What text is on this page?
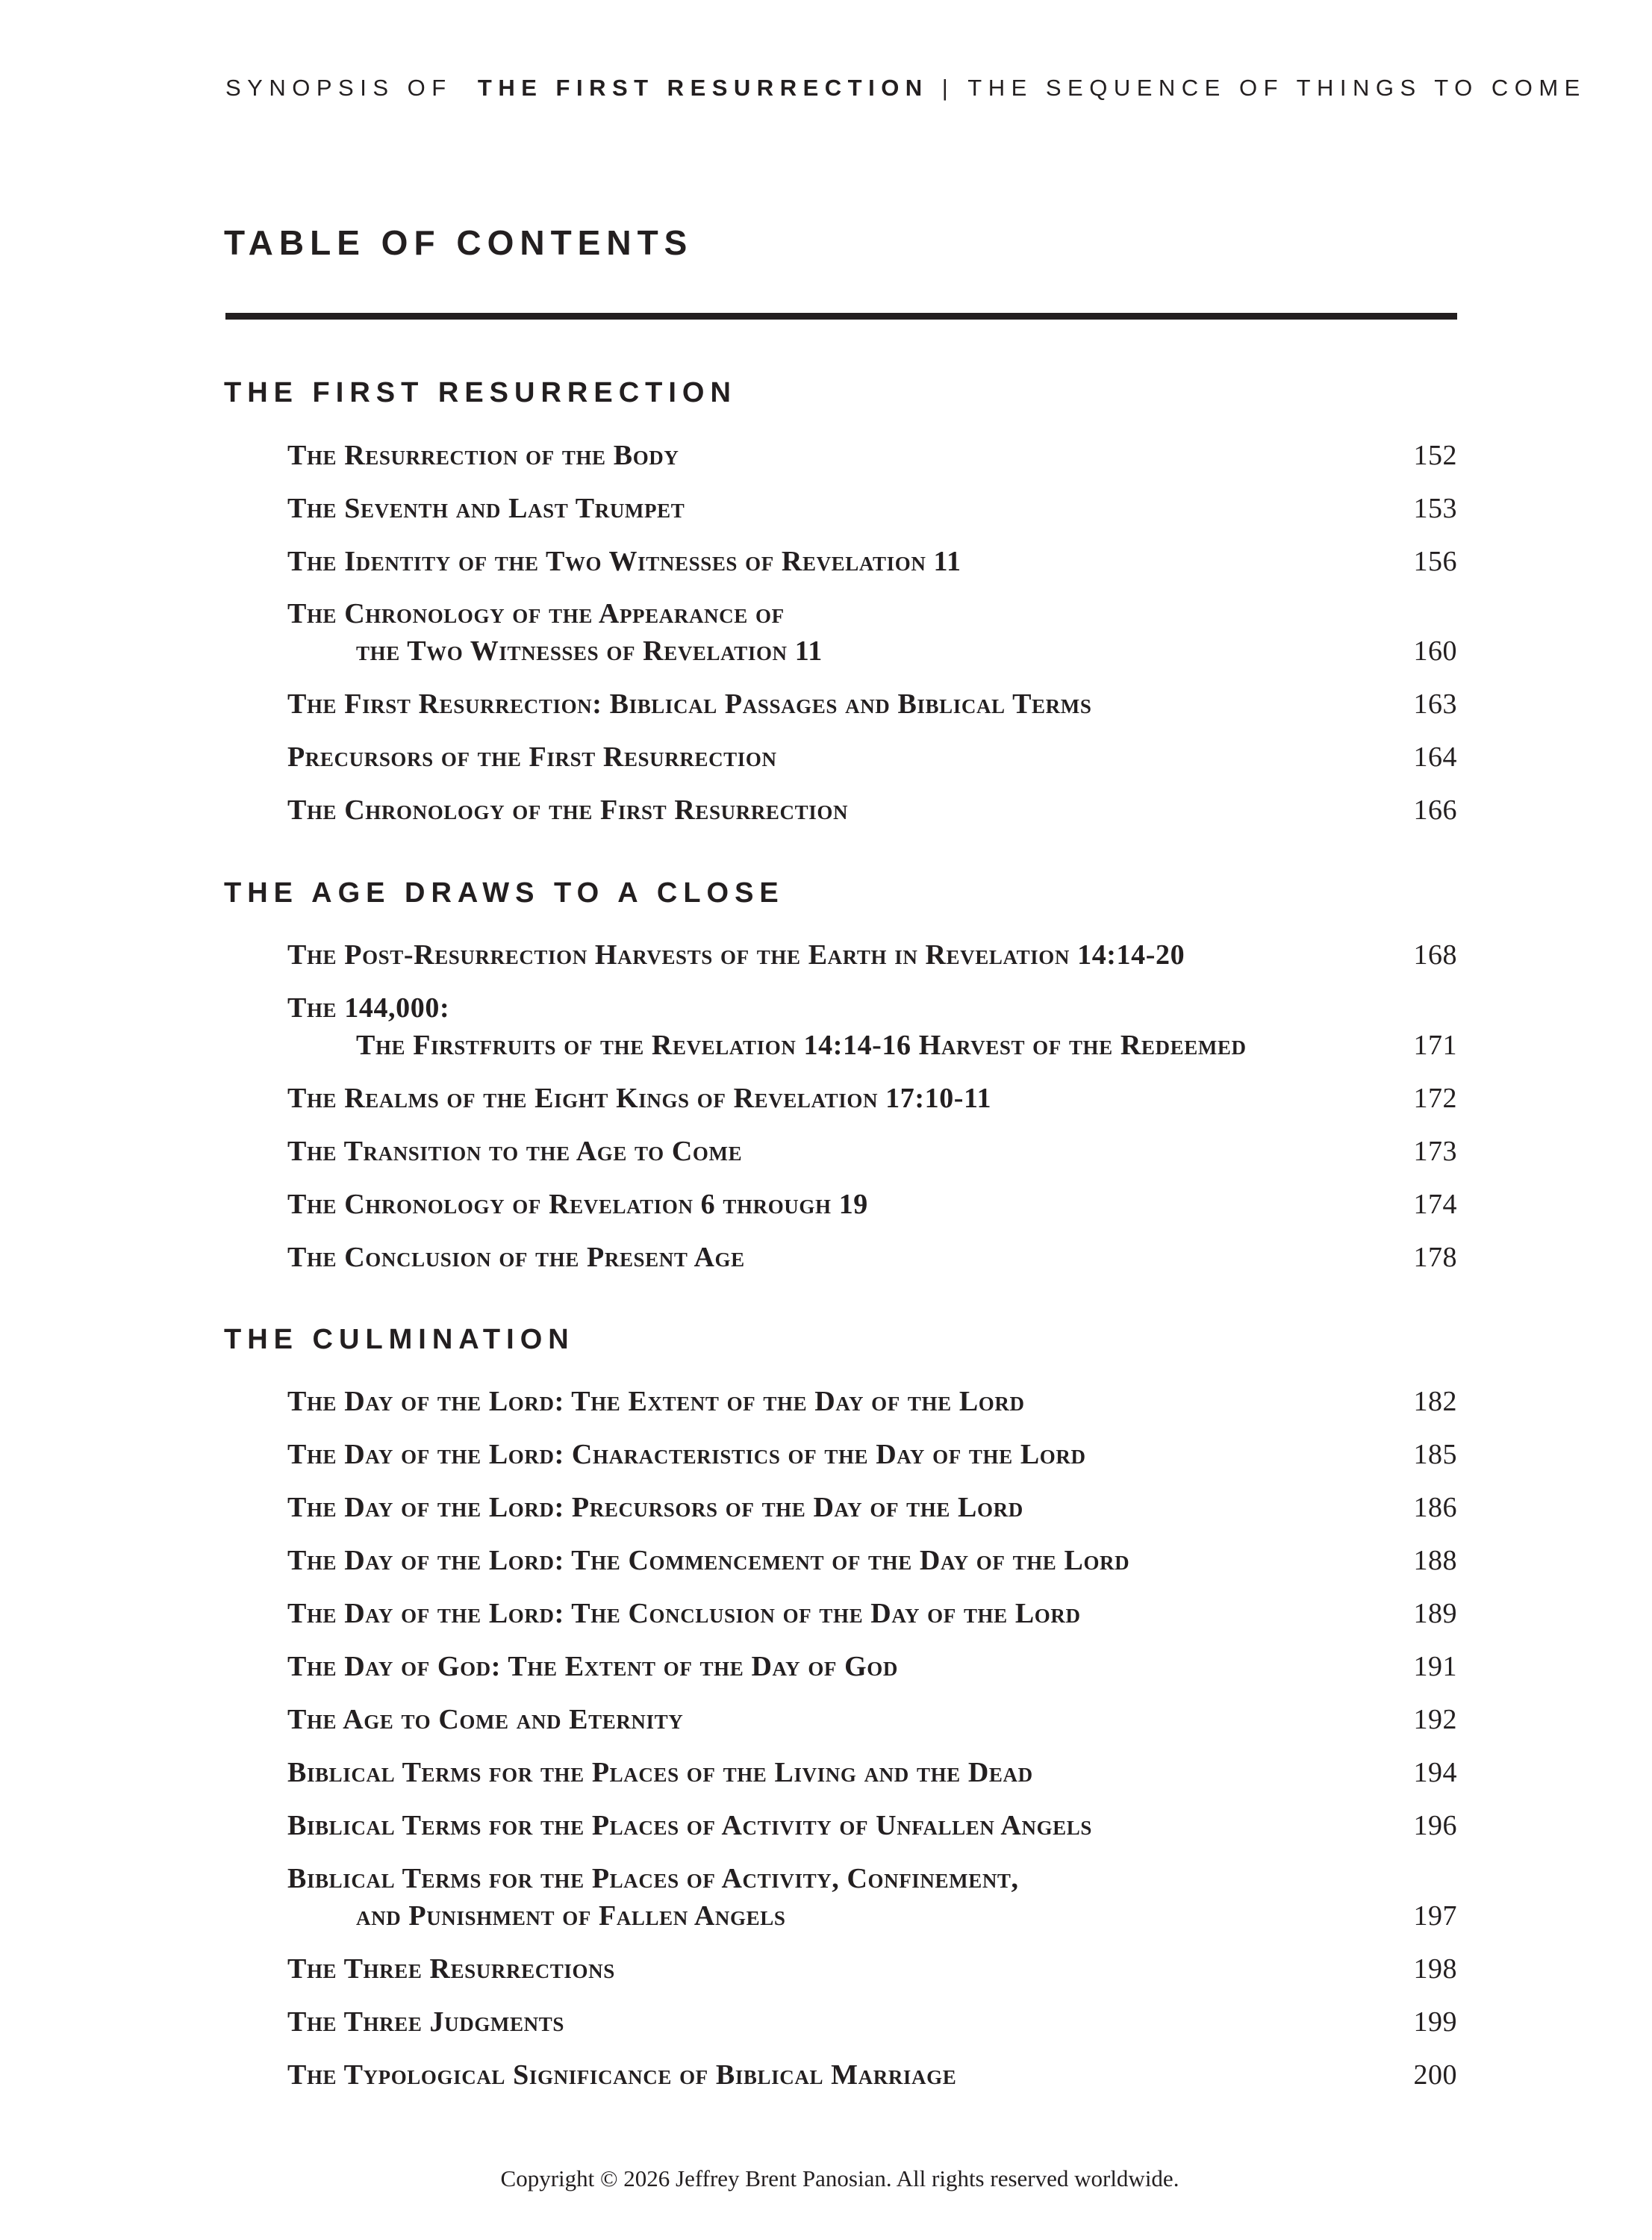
SYNOPSIS OF THE FIRST RESURRECTION | THE SEQUENCE OF THINGS TO COME
TABLE OF CONTENTS
THE FIRST RESURRECTION
The Resurrection of the Body	152
The Seventh and Last Trumpet	153
The Identity of the Two Witnesses of Revelation 11	156
The Chronology of the Appearance of
the Two Witnesses of Revelation 11	160
The First Resurrection: Biblical Passages and Biblical Terms	163
Precursors of the First Resurrection	164
The Chronology of the First Resurrection	166
THE AGE DRAWS TO A CLOSE
The Post-Resurrection Harvests of the Earth in Revelation 14:14-20	168
The 144,000:
The Firstfruits of the Revelation 14:14-16 Harvest of the Redeemed	171
The Realms of the Eight Kings of Revelation 17:10-11	172
The Transition to the Age to Come	173
The Chronology of Revelation 6 through 19	174
The Conclusion of the Present Age	178
THE CULMINATION
The Day of the Lord: The Extent of the Day of the Lord	182
The Day of the Lord: Characteristics of the Day of the Lord	185
The Day of the Lord: Precursors of the Day of the Lord	186
The Day of the Lord: The Commencement of the Day of the Lord	188
The Day of the Lord: The Conclusion of the Day of the Lord	189
The Day of God: The Extent of the Day of God	191
The Age to Come and Eternity	192
Biblical Terms for the Places of the Living and the Dead	194
Biblical Terms for the Places of Activity of Unfallen Angels	196
Biblical Terms for the Places of Activity, Confinement,
and Punishment of Fallen Angels	197
The Three Resurrections	198
The Three Judgments	199
The Typological Significance of Biblical Marriage	200
Copyright © 2026 Jeffrey Brent Panosian. All rights reserved worldwide.
